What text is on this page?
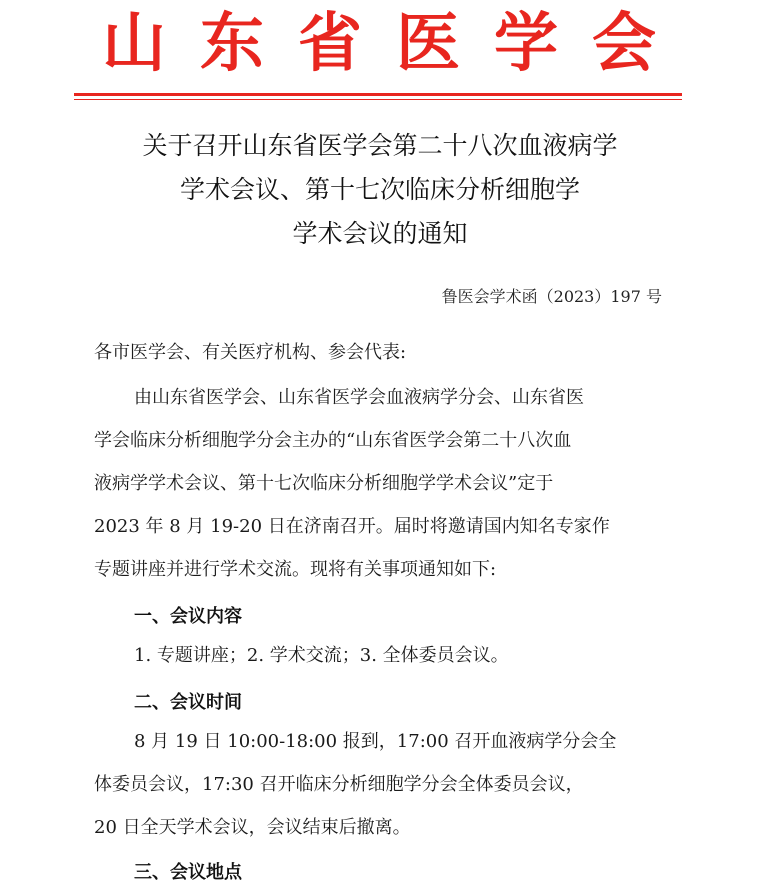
山东省医学会
关于召开山东省医学会第二十八次血液病学
学术会议、第十七次临床分析细胞学
学术会议的通知
鲁医会学术函（2023）197 号
各市医学会、有关医疗机构、参会代表:
由山东省医学会、山东省医学会血液病学分会、山东省医
学会临床分析细胞学分会主办的“山东省医学会第二十八次血
液病学学术会议、第十七次临床分析细胞学学术会议”定于
2023 年 8 月 19-20 日在济南召开。届时将邀请国内知名专家作
专题讲座并进行学术交流。现将有关事项通知如下:
一、会议内容
1. 专题讲座；2. 学术交流；3. 全体委员会议。
二、会议时间
8 月 19 日 10:00-18:00 报到，17:00 召开血液病学分会全
体委员会议，17:30 召开临床分析细胞学分会全体委员会议，
20 日全天学术会议，会议结束后撤离。
三、会议地点
